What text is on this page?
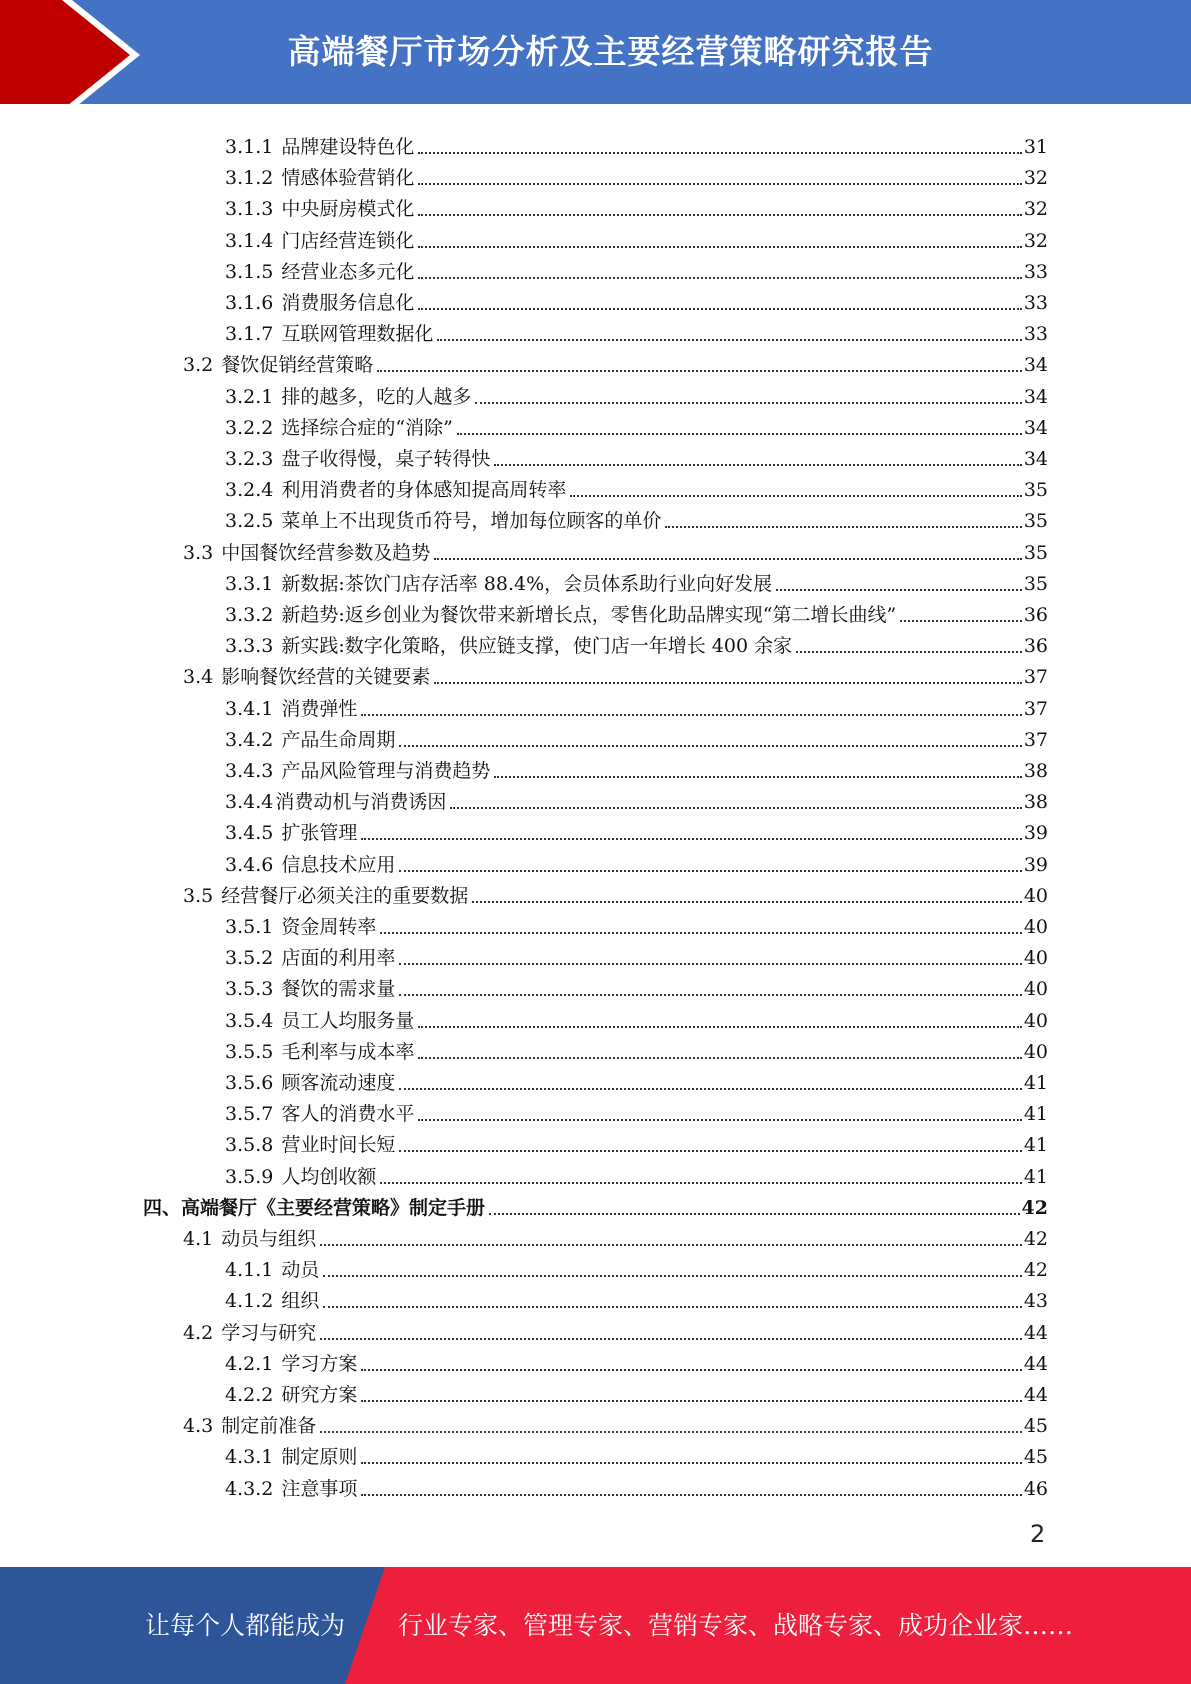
高端餐厅市场分析及主要经营策略研究报告
3.1.1 品牌建设特色化	31
3.1.2 情感体验营销化	32
3.1.3 中央厨房模式化	32
3.1.4 门店经营连锁化	32
3.1.5 经营业态多元化	33
3.1.6 消费服务信息化	33
3.1.7 互联网管理数据化	33
3.2 餐饮促销经营策略	34
3.2.1 排的越多，吃的人越多	34
3.2.2 选择综合症的“消除”	34
3.2.3 盘子收得慢，桌子转得快	34
3.2.4 利用消费者的身体感知提高周转率	35
3.2.5 菜单上不出现货币符号，增加每位顾客的单价	35
3.3 中国餐饮经营参数及趋势	35
3.3.1 新数据:茶饮门店存活率 88.4%，会员体系助行业向好发展	35
3.3.2 新趋势:返乡创业为餐饮带来新增长点，零售化助品牌实现“第二增长曲线”	36
3.3.3 新实践:数字化策略，供应链支撑，使门店一年增长 400 余家	36
3.4 影响餐饮经营的关键要素	37
3.4.1 消费弹性	37
3.4.2 产品生命周期	37
3.4.3 产品风险管理与消费趋势	38
3.4.4 消费动机与消费诱因	38
3.4.5 扩张管理	39
3.4.6 信息技术应用	39
3.5 经营餐厅必须关注的重要数据	40
3.5.1 资金周转率	40
3.5.2 店面的利用率	40
3.5.3 餐饮的需求量	40
3.5.4 员工人均服务量	40
3.5.5 毛利率与成本率	40
3.5.6 顾客流动速度	41
3.5.7 客人的消费水平	41
3.5.8 营业时间长短	41
3.5.9 人均创收额	41
四、高端餐厅《主要经营策略》制定手册	42
4.1 动员与组织	42
4.1.1 动员	42
4.1.2 组织	43
4.2 学习与研究	44
4.2.1 学习方案	44
4.2.2 研究方案	44
4.3 制定前准备	45
4.3.1 制定原则	45
4.3.2 注意事项	46
2
让每个人都能成为 行业专家、管理专家、营销专家、战略专家、成功企业家……
